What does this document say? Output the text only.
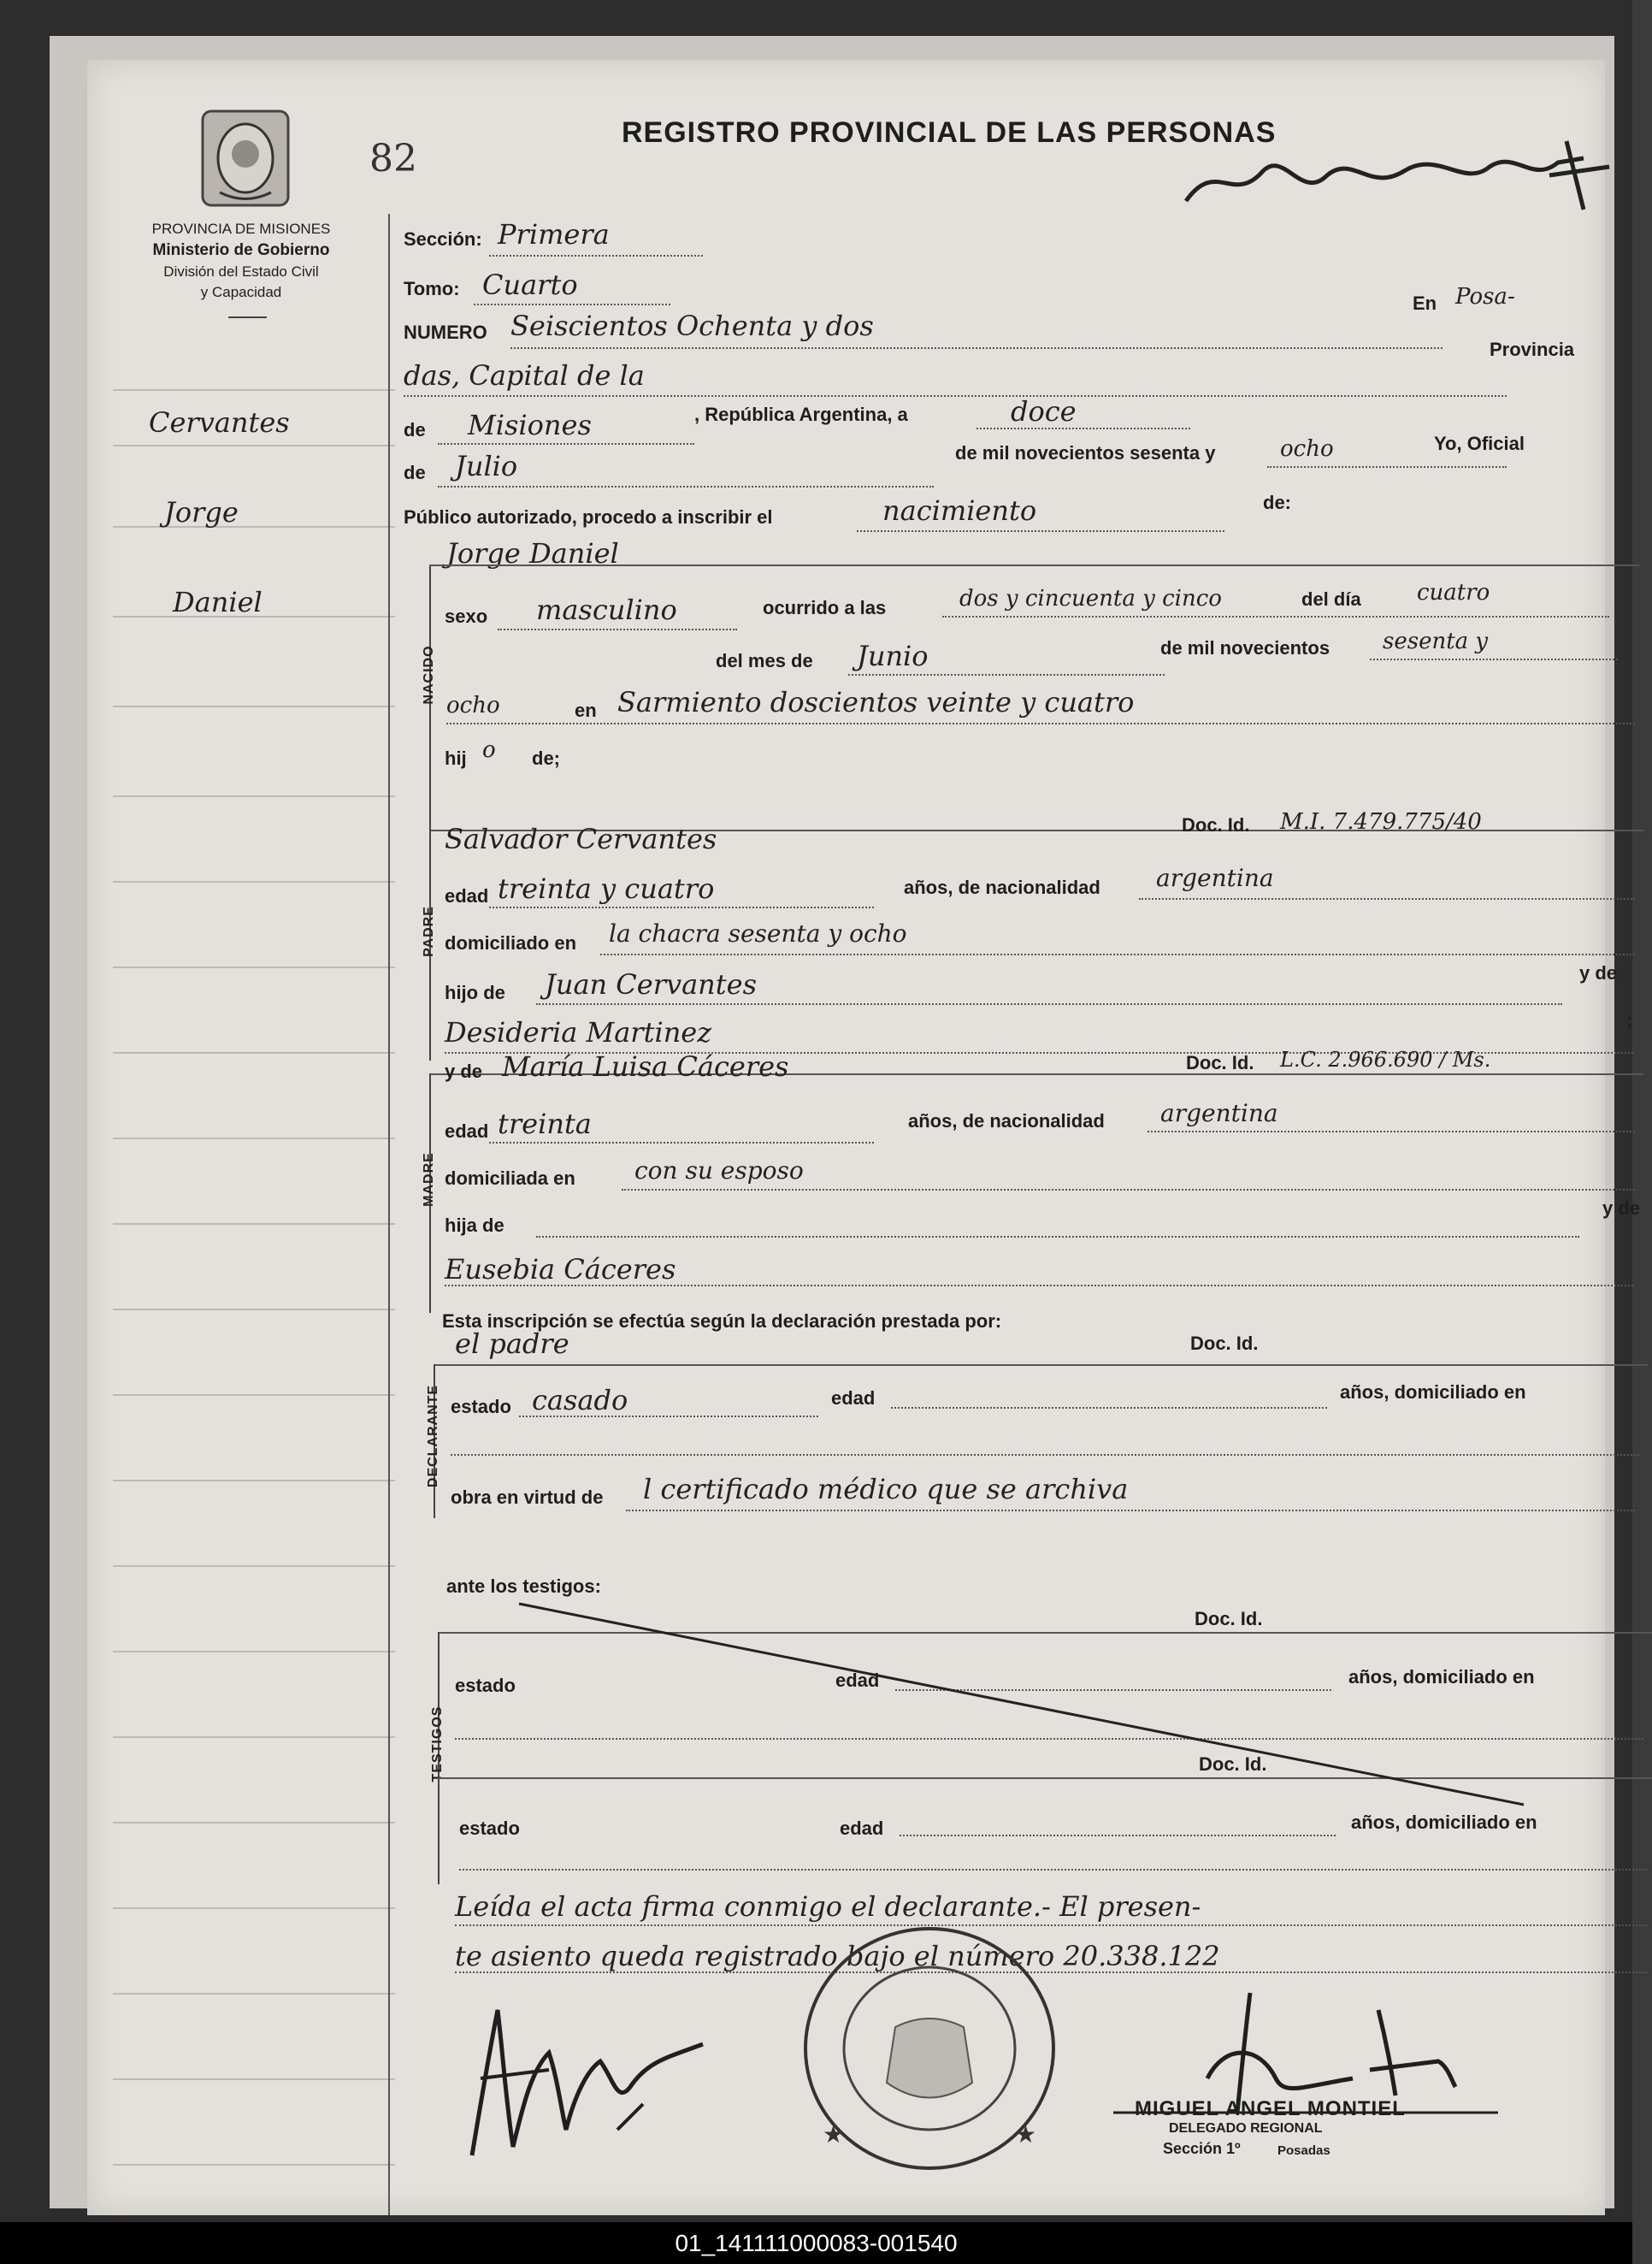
PROVINCIA DE MISIONES
Ministerio de Gobierno
División del Estado Civil
y Capacidad
82
REGISTRO PROVINCIAL DE LAS PERSONAS
Cervantes
Jorge
Daniel
Sección: Primera
Tomo: Cuarto
NUMERO Seiscientos Ochenta y dos
En Posa-
Provincia
das, Capital de la
de Misiones	, República Argentina, a	doce
de Julio	de mil novecientos sesenta y	ocho	Yo, Oficial
Público autorizado, procedo a inscribir el	nacimiento	de:
NACIDO
Jorge Daniel
sexo masculino	ocurrido a las	dos y cincuenta y cinco	del día	cuatro
del mes de Junio	de mil novecientos sesenta y
ocho	en Sarmiento doscientos veinte y cuatro
hij o de;
PADRE
Salvador Cervantes	Doc. Id. M.I. 7.479.775/40
edad treinta y cuatro	años, de nacionalidad argentina
domiciliado en la chacra sesenta y ocho
hijo de Juan Cervantes	y de
Desideria Martinez	;
MADRE
y de María Luisa Cáceres	Doc. Id. L.C. 2.966.690 / Ms.
edad treinta	años, de nacionalidad argentina
domiciliada en con su esposo
hija de
y de
Eusebia Cáceres
Esta inscripción se efectúa según la declaración prestada por:
DECLARANTE
el padre	Doc. Id.
estado casado	edad	años, domiciliado en
obra en virtud de l certificado médico que se archiva
ante los testigos:
TESTIGOS
Doc. Id.
estado	edad	años, domiciliado en
Doc. Id.
estado	edad	años, domiciliado en
Leída el acta firma conmigo el declarante.- El presen-
te asiento queda registrado bajo el número 20.338.122
★	★
MIGUEL ANGEL MONTIEL
DELEGADO REGIONAL
Sección 1º	Posadas
01_141111000083-001540
